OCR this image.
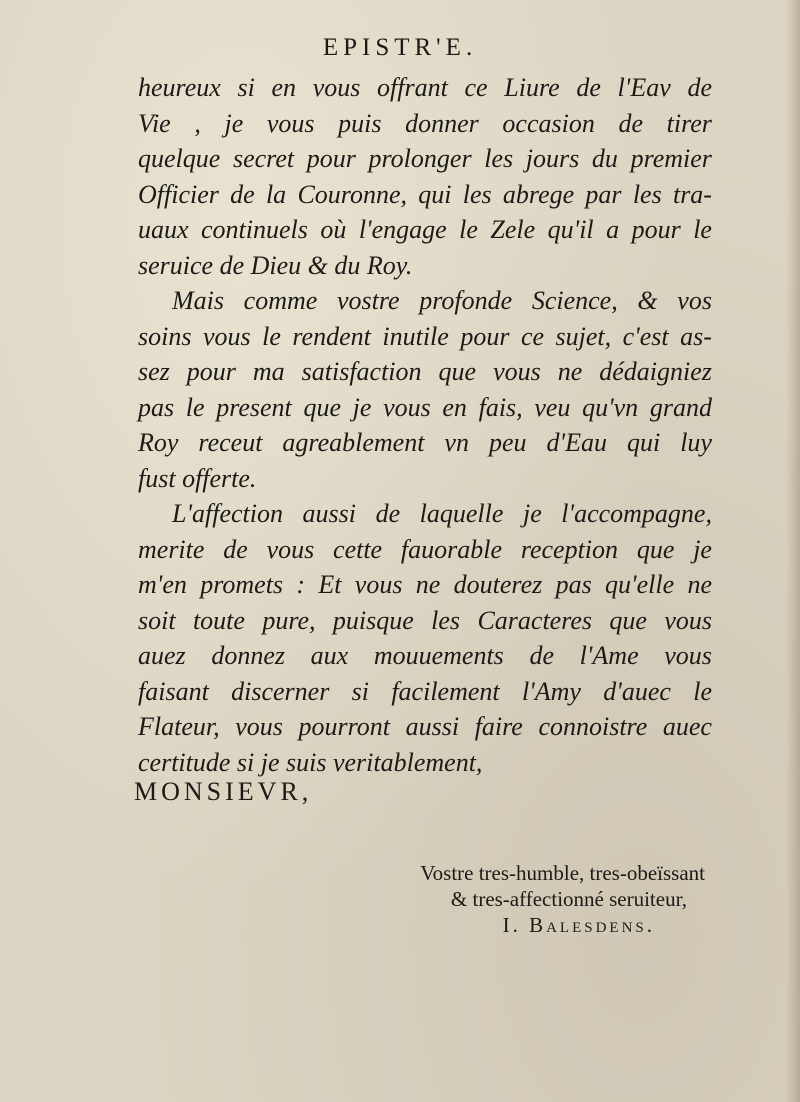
EPISTR'E.
heureux si en vous offrant ce Liure de l'Eav de
Vie , je vous puis donner occasion de tirer
quelque secret pour prolonger les jours du premier
Officier de la Couronne, qui les abrege par les tra-
uaux continuels où l'engage le Zele qu'il a pour le
seruice de Dieu & du Roy.
Mais comme vostre profonde Science, & vos
soins vous le rendent inutile pour ce sujet, c'est as-
sez pour ma satisfaction que vous ne dédaigniez
pas le present que je vous en fais, veu qu'vn grand
Roy receut agreablement vn peu d'Eau qui luy
fust offerte.
L'affection aussi de laquelle je l'accompagne,
merite de vous cette fauorable reception que je
m'en promets : Et vous ne douterez pas qu'elle ne
soit toute pure, puisque les Caracteres que vous
auez donnez aux mouuements de l'Ame vous
faisant discerner si facilement l'Amy d'auec le
Flateur, vous pourront aussi faire connoistre auec
certitude si je suis veritablement,
MONSIEVR,
Vostre tres-humble, tres-obeïssant
& tres-affectionné seruiteur,
I. Balesdens.
